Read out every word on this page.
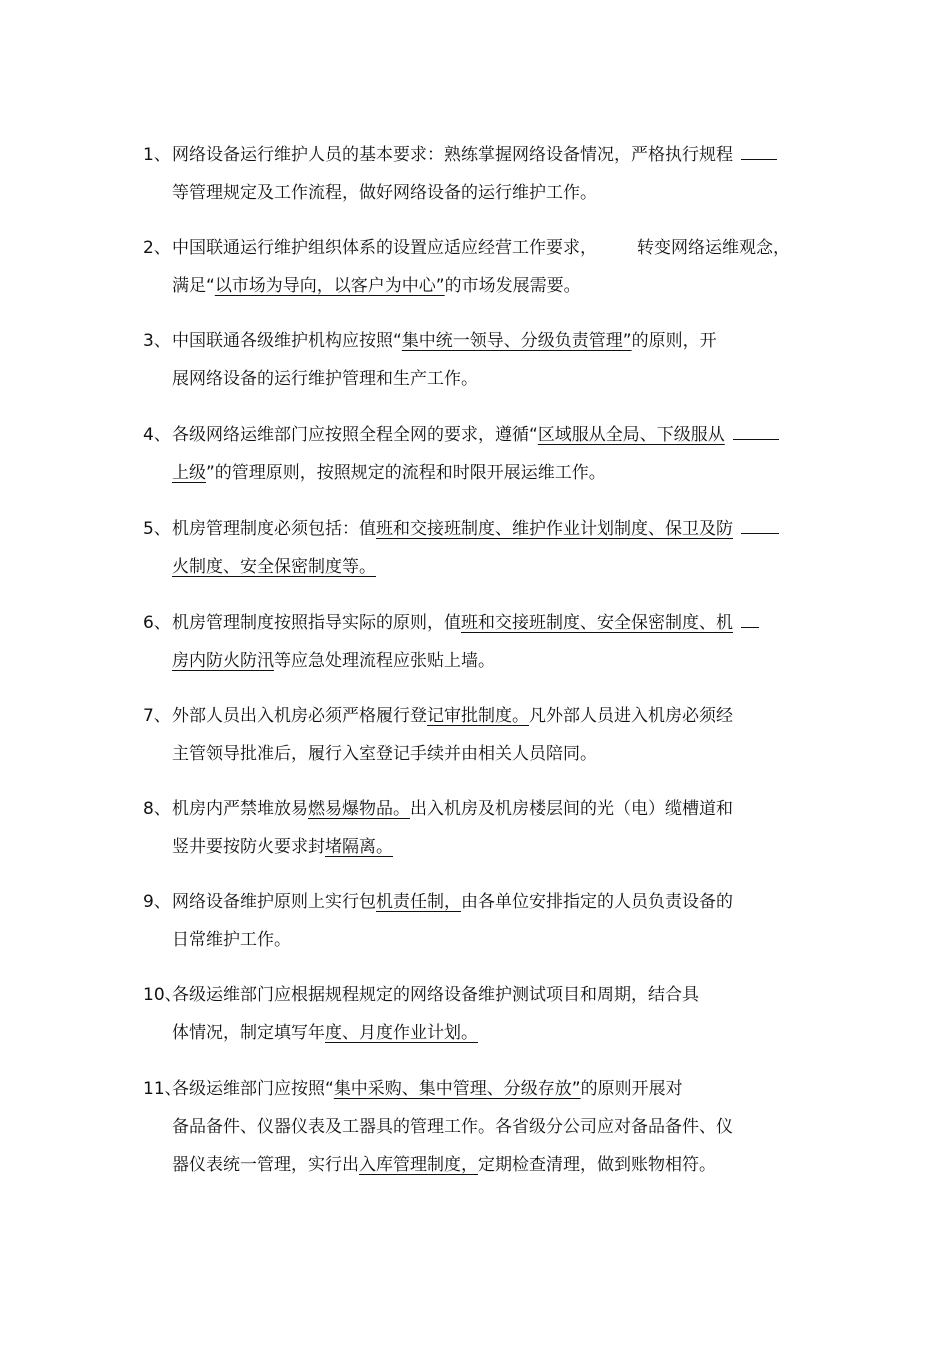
1、 网络设备运行维护人员的基本要求：熟练掌握网络设备情况，严格执行规程
等管理规定及工作流程，做好网络设备的运行维护工作。
2、 中国联通运行维护组织体系的设置应适应经营工作要求， 转变网络运维观念，
满足“以市场为导向，以客户为中心”的市场发展需要。
3、 中国联通各级维护机构应按照“集中统一领导、分级负责管理”的原则，开
展网络设备的运行维护管理和生产工作。
4、 各级网络运维部门应按照全程全网的要求，遵循“区域服从全局、下级服从
上级”的管理原则，按照规定的流程和时限开展运维工作。
5、 机房管理制度必须包括：值班和交接班制度、维护作业计划制度、保卫及防
火制度、安全保密制度等。
6、 机房管理制度按照指导实际的原则，值班和交接班制度、安全保密制度、机
房内防火防汛等应急处理流程应张贴上墙。
7、 外部人员出入机房必须严格履行登记审批制度。凡外部人员进入机房必须经
主管领导批准后，履行入室登记手续并由相关人员陪同。
8、 机房内严禁堆放易燃易爆物品。出入机房及机房楼层间的光（电）缆槽道和
竖井要按防火要求封堵隔离。
9、 网络设备维护原则上实行包机责任制，由各单位安排指定的人员负责设备的
日常维护工作。
10、
各级运维部门应根据规程规定的网络设备维护测试项目和周期，结合具
体情况，制定填写年度、月度作业计划。
11、
各级运维部门应按照“集中采购、集中管理、分级存放”的原则开展对
备品备件、仪器仪表及工器具的管理工作。各省级分公司应对备品备件、仪
器仪表统一管理，实行出入库管理制度，定期检查清理，做到账物相符。
